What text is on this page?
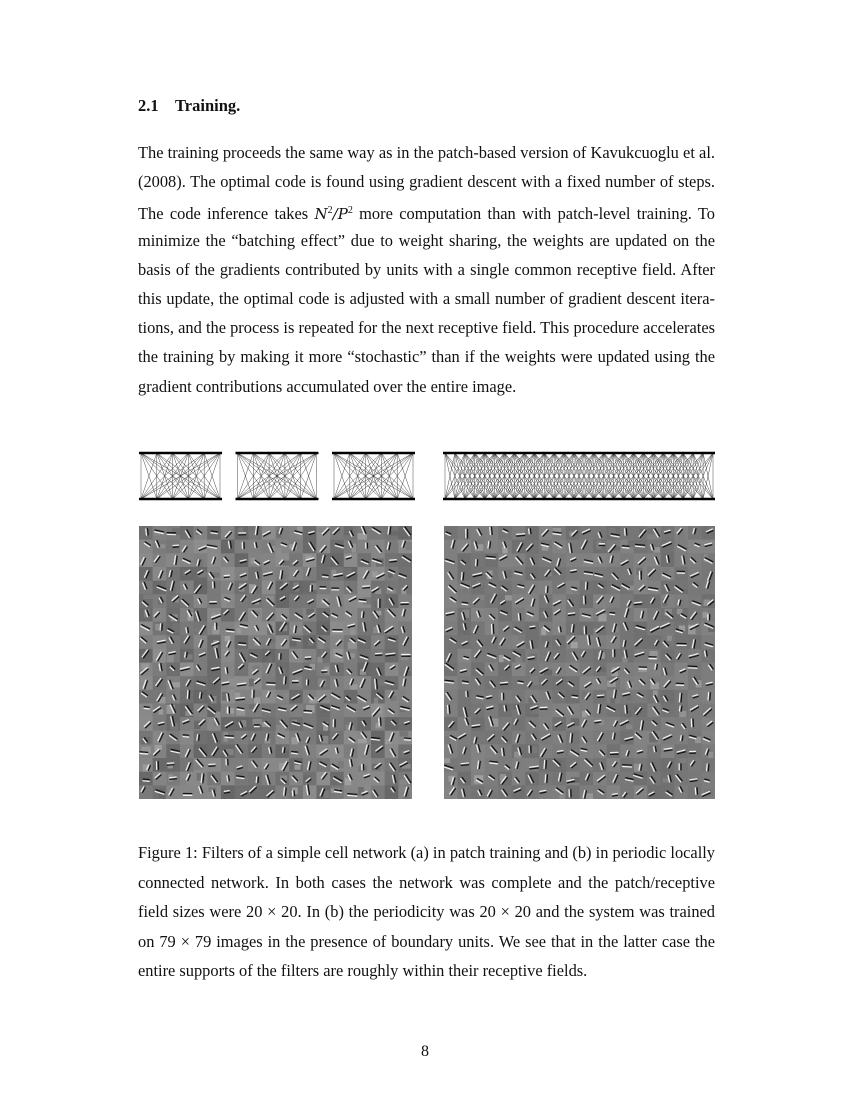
2.1 Training.
The training proceeds the same way as in the patch-based version of Kavukcuoglu et al.
(2008). The optimal code is found using gradient descent with a fixed number of steps.
The code inference takes $N^2/P^2$ more computation than with patch-level training. To
minimize the “batching effect” due to weight sharing, the weights are updated on the
basis of the gradients contributed by units with a single common receptive field. After
this update, the optimal code is adjusted with a small number of gradient descent itera-
tions, and the process is repeated for the next receptive field. This procedure accelerates
the training by making it more “stochastic” than if the weights were updated using the
gradient contributions accumulated over the entire image.
Figure 1: Filters of a simple cell network (a) in patch training and (b) in periodic locally
connected network. In both cases the network was complete and the patch/receptive
field sizes were 20 × 20. In (b) the periodicity was 20 × 20 and the system was trained
on 79 × 79 images in the presence of boundary units. We see that in the latter case the
entire supports of the filters are roughly within their receptive fields.
8
